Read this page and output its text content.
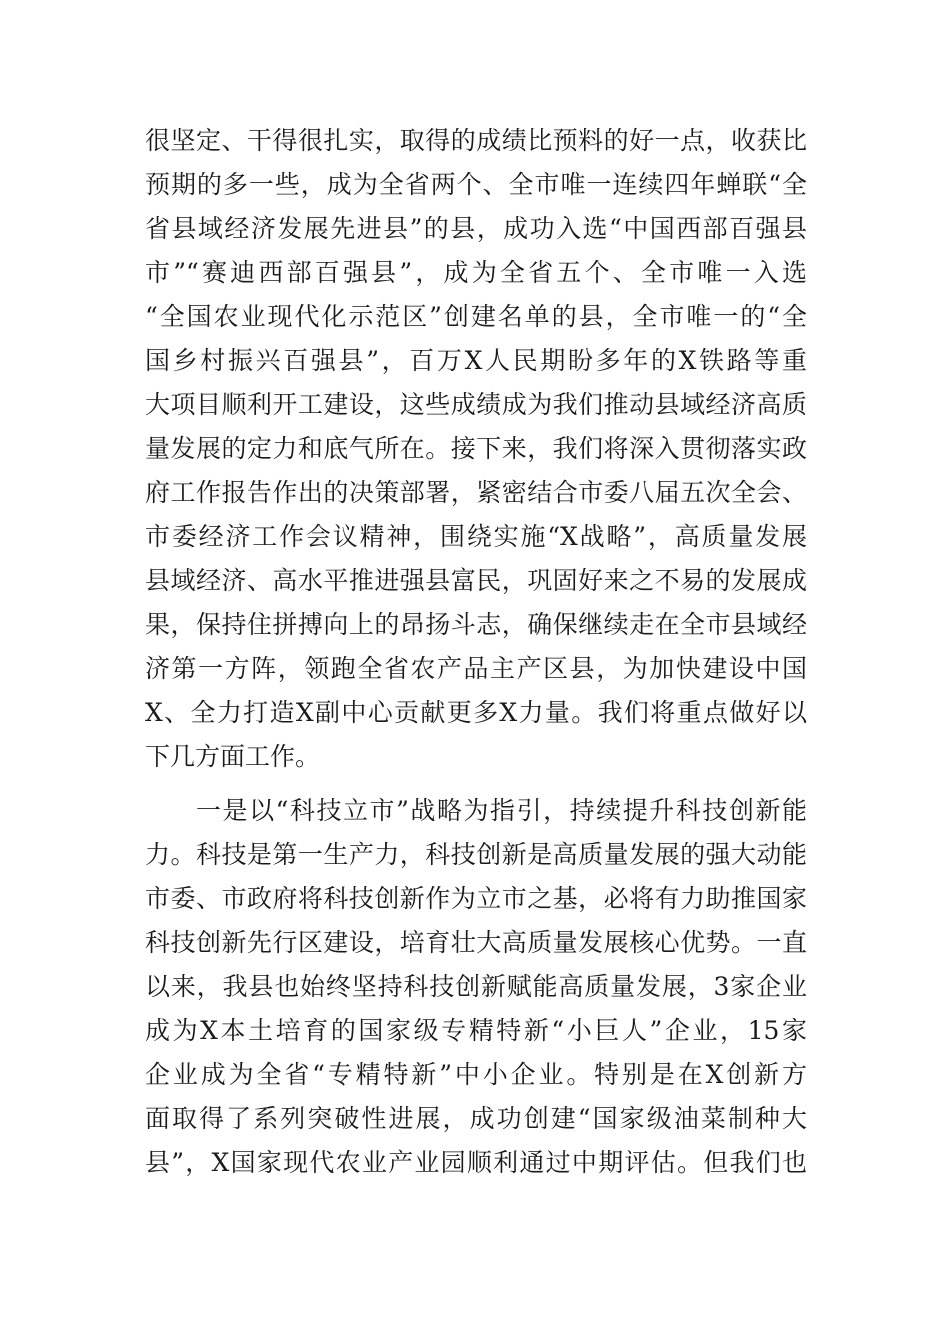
很坚定、干得很扎实，取得的成绩比预料的好一点，收获比
预期的多一些，成为全省两个、全市唯一连续四年蝉联“全
省县域经济发展先进县”的县，成功入选“中国西部百强县
市”“赛迪西部百强县”，成为全省五个、全市唯一入选
“全国农业现代化示范区”创建名单的县，全市唯一的“全
国乡村振兴百强县”，百万X人民期盼多年的X铁路等重
大项目顺利开工建设，这些成绩成为我们推动县域经济高质
量发展的定力和底气所在。接下来，我们将深入贯彻落实政
府工作报告作出的决策部署，紧密结合市委八届五次全会、
市委经济工作会议精神，围绕实施“X战略”，高质量发展
县域经济、高水平推进强县富民，巩固好来之不易的发展成
果，保持住拼搏向上的昂扬斗志，确保继续走在全市县域经
济第一方阵，领跑全省农产品主产区县，为加快建设中国
X、全力打造X副中心贡献更多X力量。我们将重点做好以
下几方面工作。
一是以“科技立市”战略为指引，持续提升科技创新能
力。科技是第一生产力，科技创新是高质量发展的强大动能
市委、市政府将科技创新作为立市之基，必将有力助推国家
科技创新先行区建设，培育壮大高质量发展核心优势。一直
以来，我县也始终坚持科技创新赋能高质量发展，3家企业
成为X本土培育的国家级专精特新“小巨人”企业，15家
企业成为全省“专精特新”中小企业。特别是在X创新方
面取得了系列突破性进展，成功创建“国家级油菜制种大
县”，X国家现代农业产业园顺利通过中期评估。但我们也
